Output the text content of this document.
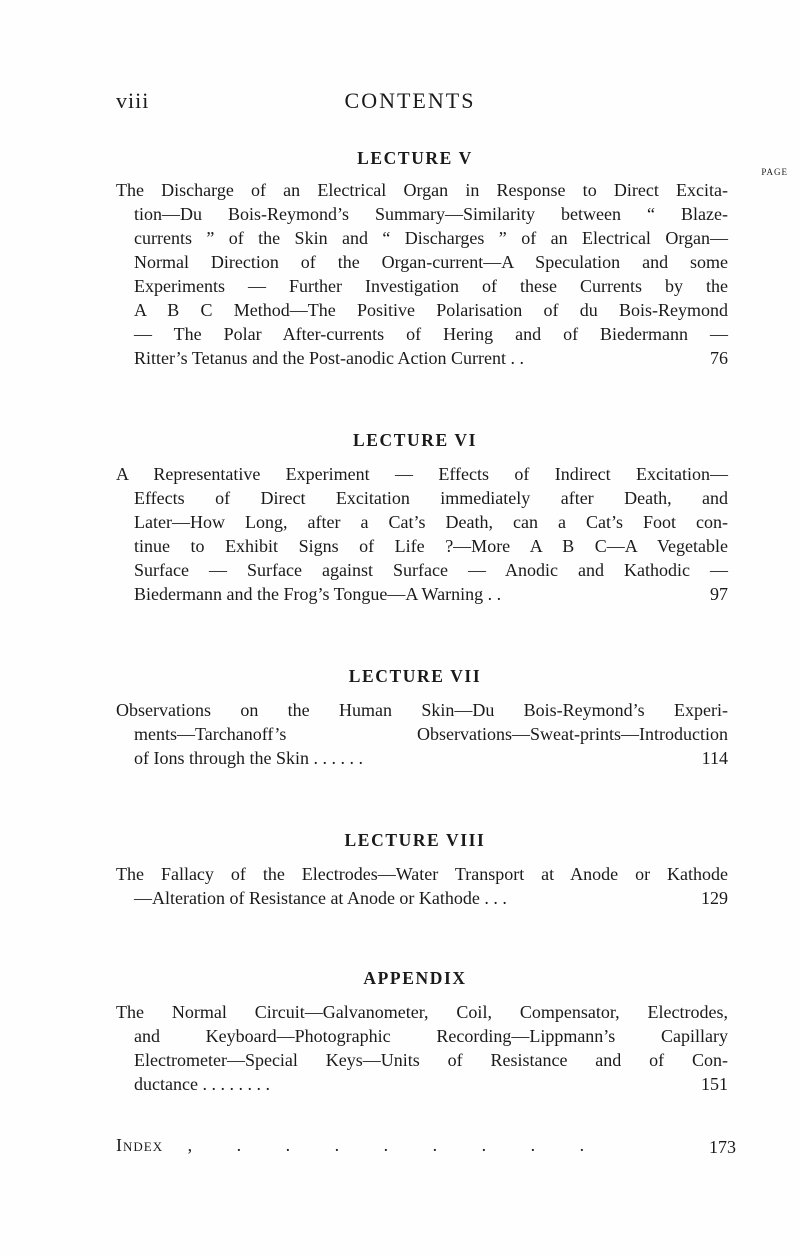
viii	CONTENTS
LECTURE V
PAGE
The Discharge of an Electrical Organ in Response to Direct Excita-
tion—Du Bois-Reymond’s Summary—Similarity between “ Blaze-
currents ” of the Skin and “ Discharges ” of an Electrical Organ—
Normal Direction of the Organ-current—A Speculation and some
Experiments — Further Investigation of these Currents by the
A B C Method—The Positive Polarisation of du Bois-Reymond
— The Polar After-currents of Hering and of Biedermann —
Ritter’s Tetanus and the Post-anodic Action Current . .	76
LECTURE VI
A Representative Experiment — Effects of Indirect Excitation—
Effects of Direct Excitation immediately after Death, and
Later—How Long, after a Cat’s Death, can a Cat’s Foot con-
tinue to Exhibit Signs of Life ?—More A B C—A Vegetable
Surface — Surface against Surface — Anodic and Kathodic —
Biedermann and the Frog’s Tongue—A Warning . .	97
LECTURE VII
Observations on the Human Skin—Du Bois-Reymond’s Experi-
ments—Tarchanoff’s Observations—Sweat-prints—Introduction
of Ions through the Skin . . . . . .	114
LECTURE VIII
The Fallacy of the Electrodes—Water Transport at Anode or Kathode
—Alteration of Resistance at Anode or Kathode . . .	129
APPENDIX
The Normal Circuit—Galvanometer, Coil, Compensator, Electrodes,
and Keyboard—Photographic Recording—Lippmann’s Capillary
Electrometer—Special Keys—Units of Resistance and of Con-
ductance . . . . . . . .	151
Index , . . . . . . . .	173
